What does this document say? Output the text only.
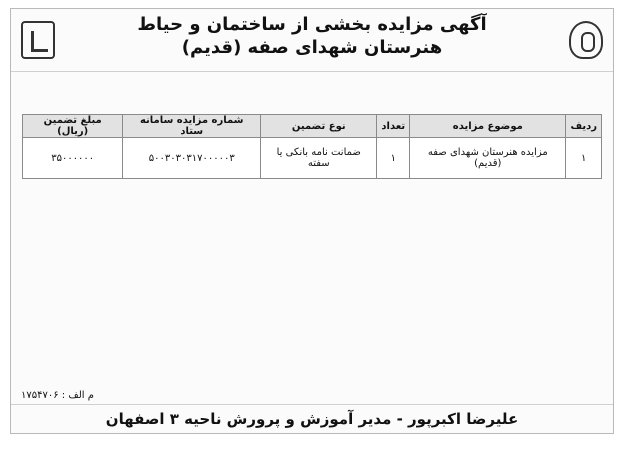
آگهی مزایده بخشی از ساختمان و حیاط
هنرستان شهدای صفه (قدیم)
ردیف	موضوع مزایده	تعداد	نوع تضمین	شماره مزایده سامانه ستاد	مبلغ تضمین (ریال)
۱	مزایده هنرستان شهدای صفه (قدیم)	۱	ضمانت نامه بانکی یا سفته	۵۰۰۳۰۳۰۳۱۷۰۰۰۰۰۳	۳۵۰۰۰۰۰۰
م الف : ۱۷۵۴۷۰۶
علیرضا اکبرپور - مدیر آموزش و پرورش ناحیه ۳ اصفهان
